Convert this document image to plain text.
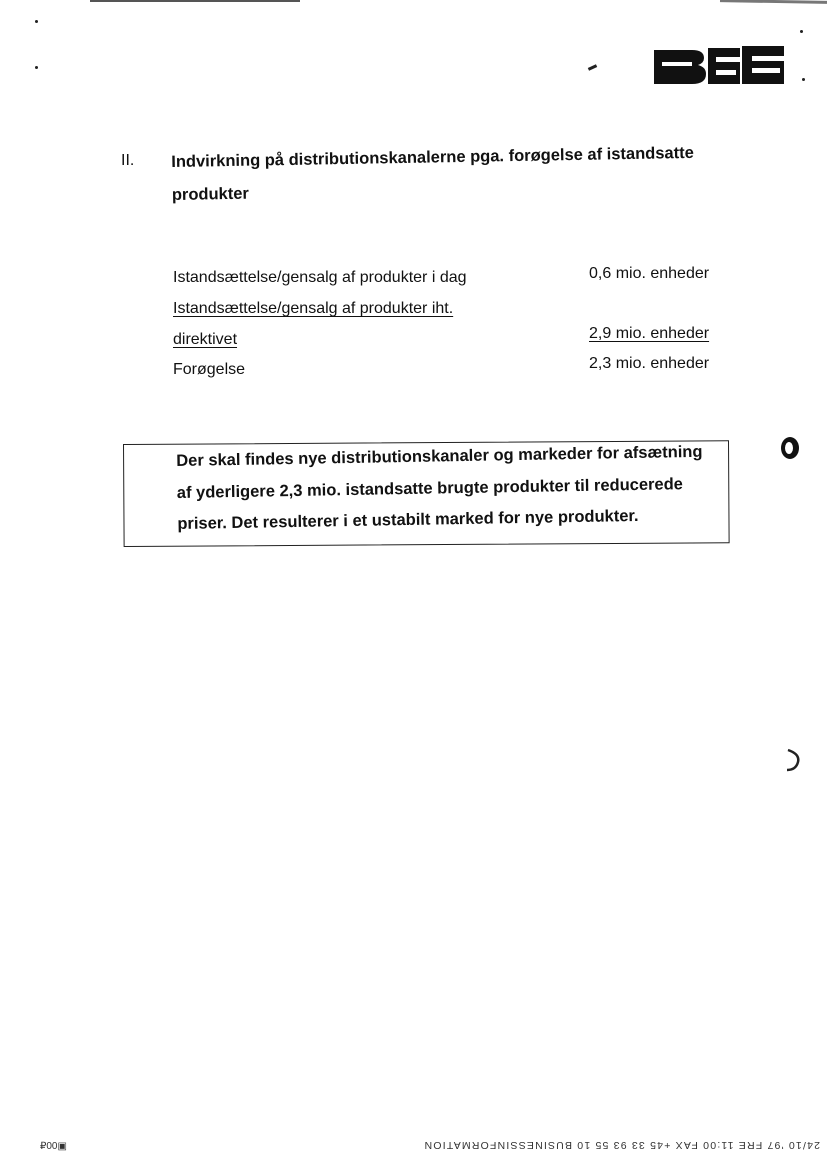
II. Indvirkning på distributionskanalerne pga. forøgelse af istandsatte produkter
Istandsættelse/gensalg af produkter i dag	0,6 mio. enheder
Istandsættelse/gensalg af produkter iht.
direktivet	2,9 mio. enheder
Forøgelse	2,3 mio. enheder
Der skal findes nye distributionskanaler og markeder for afsætning
af yderligere 2,3 mio. istandsatte brugte produkter til reducerede
priser. Det resulterer i et ustabilt marked for nye produkter.
₽00▣	24/10 '97 FRE 11:00 FAX +45 33 93 55 10 BUSINESSINFORMATION
